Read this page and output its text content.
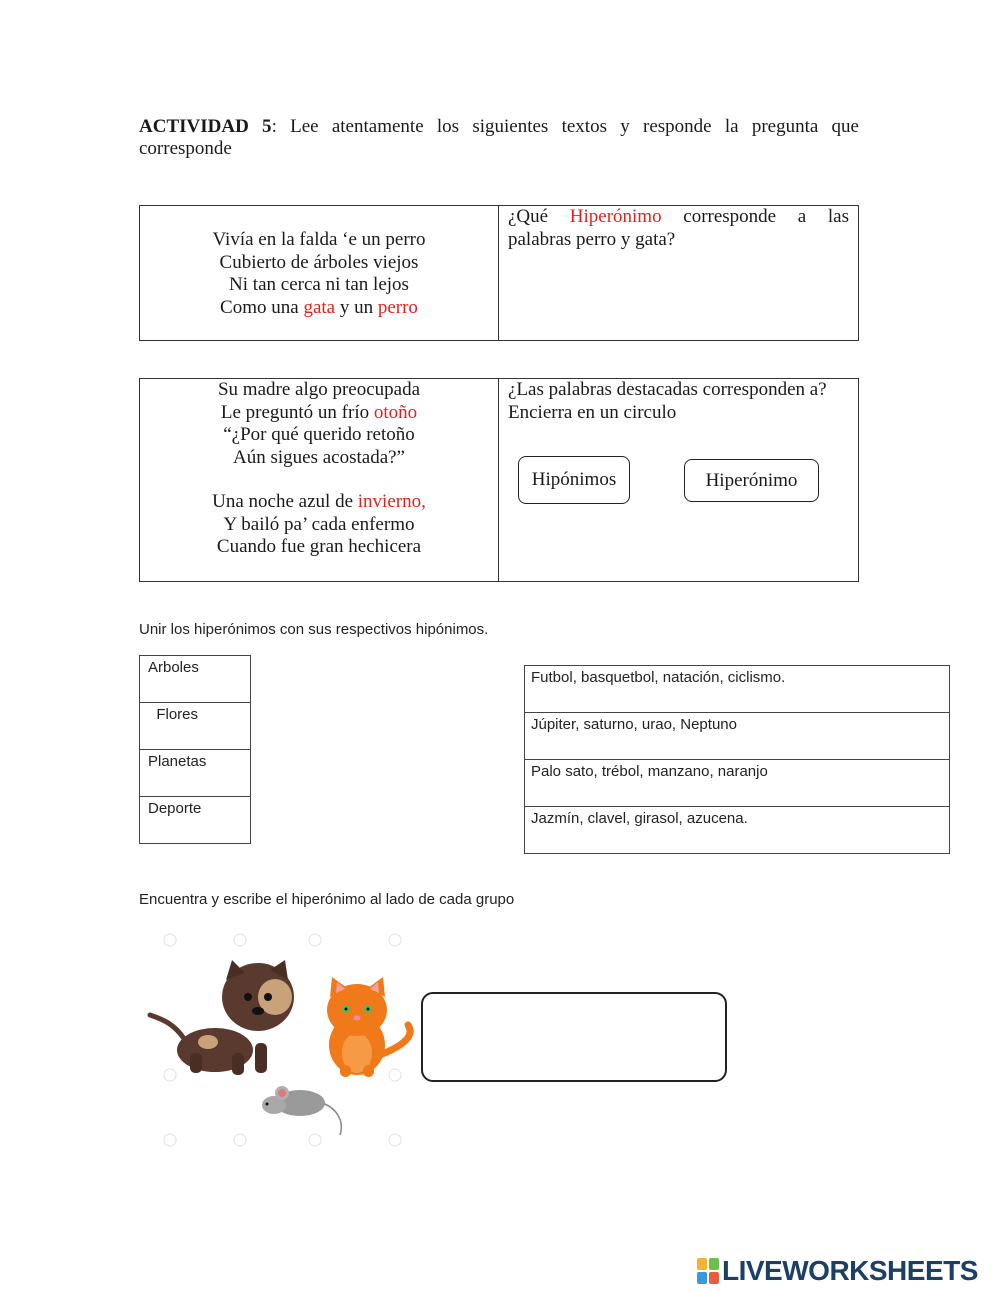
ACTIVIDAD 5: Lee atentamente los siguientes textos y responde la pregunta que corresponde
Vivía en la falda ‘e un perro
Cubierto de árboles viejos
Ni tan cerca ni tan lejos
Como una gata y un perro

¿Qué Hiperónimo corresponde a las palabras perro y gata?
Su madre algo preocupada
Le preguntó un frío otoño
“¿Por qué querido retoño
Aún sigues acostada?”
Una noche azul de invierno,
Y bailó pa’ cada enfermo
Cuando fue gran hechicera

¿Las palabras destacadas corresponden a?
Encierra en un circulo
Hipónimos	Hiperónimo
Unir los hiperónimos con sus respectivos hipónimos.
Arboles
Flores
Planetas
Deporte
Futbol, basquetbol, natación, ciclismo.
Júpiter, saturno, urao, Neptuno
Palo sato, trébol, manzano, naranjo
Jazmín, clavel, girasol, azucena.
Encuentra y escribe el hiperónimo al lado de cada grupo
LIVEWORKSHEETS
